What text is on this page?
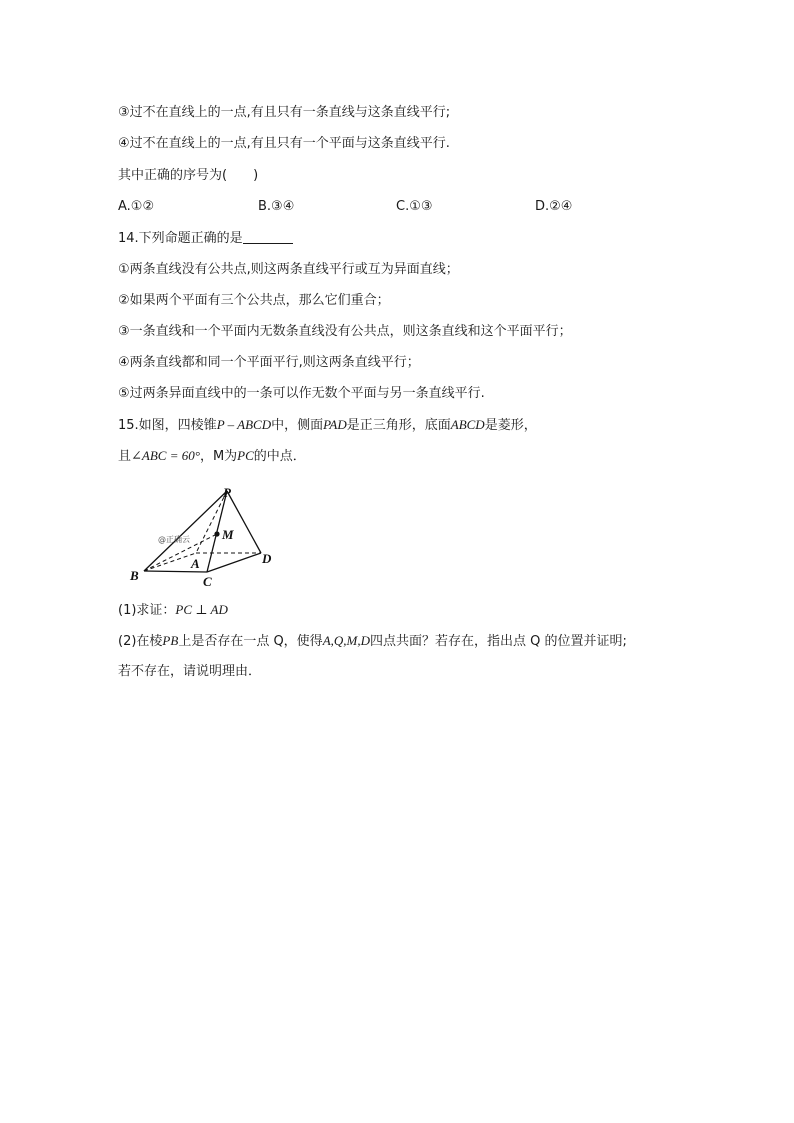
③过不在直线上的一点,有且只有一条直线与这条直线平行;
④过不在直线上的一点,有且只有一个平面与这条直线平行.
其中正确的序号为(　　)
A.①②	B.③④	C.①③	D.②④
14.下列命题正确的是
①两条直线没有公共点,则这两条直线平行或互为异面直线；
②如果两个平面有三个公共点，那么它们重合；
③一条直线和一个平面内无数条直线没有公共点，则这条直线和这个平面平行；
④两条直线都和同一个平面平行,则这两条直线平行；
⑤过两条异面直线中的一条可以作无数个平面与另一条直线平行.
15.如图，四棱锥P – ABCD中，侧面PAD是正三角形，底面ABCD是菱形，
且∠ABC = 60°，M为PC的中点．
P
M
A
B	C
D
@正确云
(1)求证：PC ⊥ AD
(2)在棱PB上是否存在一点 Q，使得A,Q,M,D四点共面？若存在，指出点 Q 的位置并证明;
若不存在，请说明理由．
